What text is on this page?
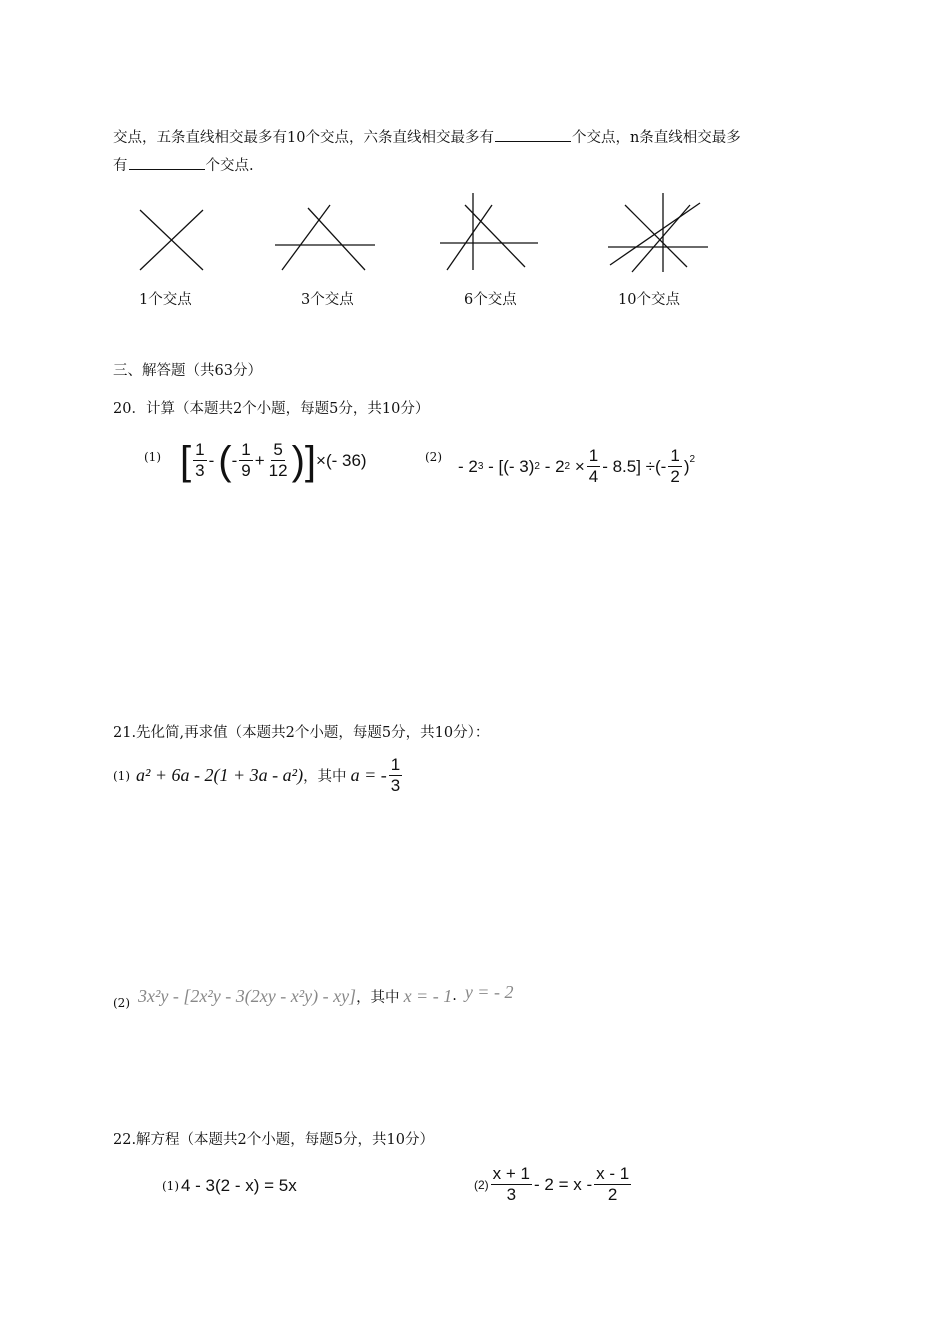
交点，五条直线相交最多有10个交点，六条直线相交最多有	个交点，n条直线相交最多
有	个交点.
1个交点	3个交点	6个交点	10个交点
三、解答题（共63分）
20．计算（本题共2个小题，每题5分，共10分）
(1) [ $\frac{1}{3}$ - ( - $\frac{1}{9} + \frac{5}{12}$ ) ] ×(- 36)	(2) - 2 3 - [(- 3) 2 - 2 $2 \times \frac{1}{4} - 8.5$] ÷(- $\frac{1}{2} )^2$
21.先化简,再求值（本题共2个小题，每题5分，共10分）：
(1) a² + 6a - 2(1 + 3a - a²) ，其中 a = - $\frac{1}{3}$
(2) 3x²y - [2x²y - 3(2xy - x²y) - xy] ，其中 x = - 1 . y = - 2
22.解方程（本题共2个小题，每题5分，共10分）
(1) 4 - 3(2 - x) = 5x	$(2) \frac{x + 1}{3} - 2 = x - \frac{x - 1}{2}$
